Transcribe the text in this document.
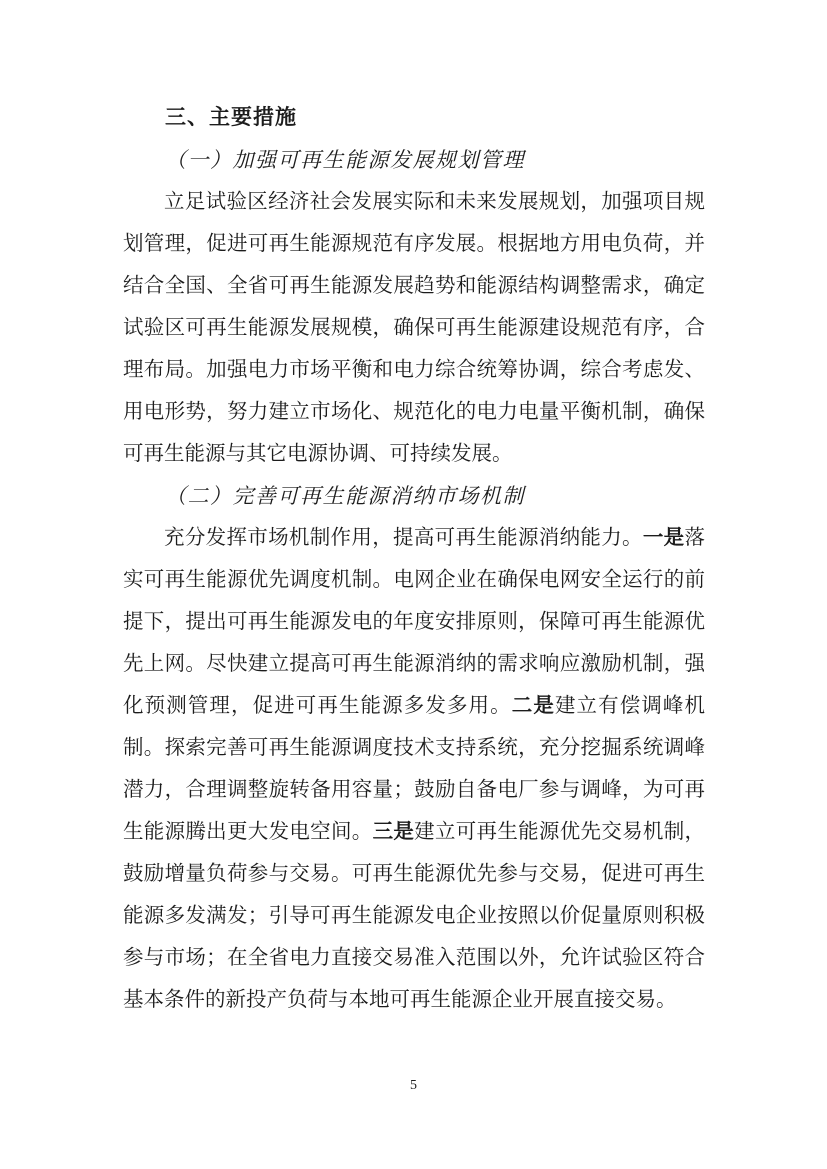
三、主要措施
（一）加强可再生能源发展规划管理

立足试验区经济社会发展实际和未来发展规划，加强项目规划管理，促进可再生能源规范有序发展。根据地方用电负荷，并结合全国、全省可再生能源发展趋势和能源结构调整需求，确定试验区可再生能源发展规模，确保可再生能源建设规范有序，合理布局。加强电力市场平衡和电力综合统筹协调，综合考虑发、用电形势，努力建立市场化、规范化的电力电量平衡机制，确保可再生能源与其它电源协调、可持续发展。

（二）完善可再生能源消纳市场机制

充分发挥市场机制作用，提高可再生能源消纳能力。一是落实可再生能源优先调度机制。电网企业在确保电网安全运行的前提下，提出可再生能源发电的年度安排原则，保障可再生能源优先上网。尽快建立提高可再生能源消纳的需求响应激励机制，强化预测管理，促进可再生能源多发多用。二是建立有偿调峰机制。探索完善可再生能源调度技术支持系统，充分挖掘系统调峰潜力，合理调整旋转备用容量；鼓励自备电厂参与调峰，为可再生能源腾出更大发电空间。三是建立可再生能源优先交易机制，鼓励增量负荷参与交易。可再生能源优先参与交易，促进可再生能源多发满发；引导可再生能源发电企业按照以价促量原则积极参与市场；在全省电力直接交易准入范围以外，允许试验区符合基本条件的新投产负荷与本地可再生能源企业开展直接交易。

5
